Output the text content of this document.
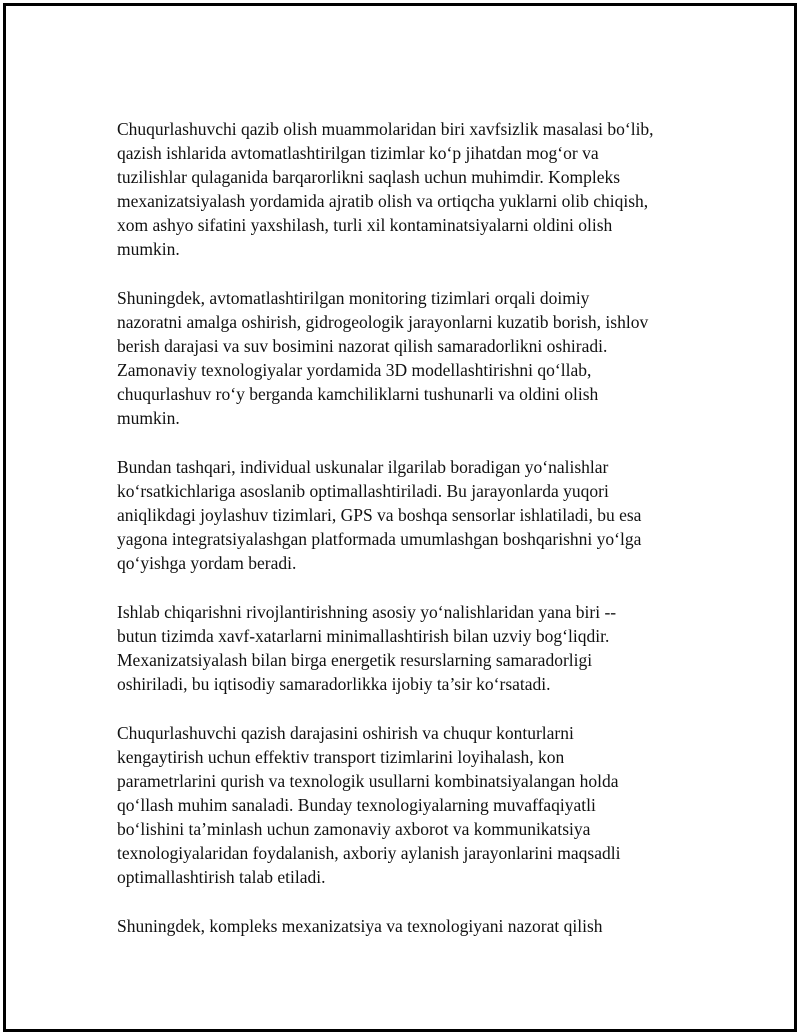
Chuqurlashuvchi qazib olish muammolaridan biri xavfsizlik masalasi bo‘lib,
qazish ishlarida avtomatlashtirilgan tizimlar ko‘p jihatdan mog‘or va
tuzilishlar qulaganida barqarorlikni saqlash uchun muhimdir. Kompleks
mexanizatsiyalash yordamida ajratib olish va ortiqcha yuklarni olib chiqish,
xom ashyo sifatini yaxshilash, turli xil kontaminatsiyalarni oldini olish
mumkin.

Shuningdek, avtomatlashtirilgan monitoring tizimlari orqali doimiy
nazoratni amalga oshirish, gidrogeologik jarayonlarni kuzatib borish, ishlov
berish darajasi va suv bosimini nazorat qilish samaradorlikni oshiradi.
Zamonaviy texnologiyalar yordamida 3D modellashtirishni qo‘llab,
chuqurlashuv ro‘y berganda kamchiliklarni tushunarli va oldini olish
mumkin.

Bundan tashqari, individual uskunalar ilgarilab boradigan yo‘nalishlar
ko‘rsatkichlariga asoslanib optimallashtiriladi. Bu jarayonlarda yuqori
aniqlikdagi joylashuv tizimlari, GPS va boshqa sensorlar ishlatiladi, bu esa
yagona integratsiyalashgan platformada umumlashgan boshqarishni yo‘lga
qo‘yishga yordam beradi.

Ishlab chiqarishni rivojlantirishning asosiy yo‘nalishlaridan yana biri --
butun tizimda xavf-xatarlarni minimallashtirish bilan uzviy bog‘liqdir.
Mexanizatsiyalash bilan birga energetik resurslarning samaradorligi
oshiriladi, bu iqtisodiy samaradorlikka ijobiy ta’sir ko‘rsatadi.

Chuqurlashuvchi qazish darajasini oshirish va chuqur konturlarni
kengaytirish uchun effektiv transport tizimlarini loyihalash, kon
parametrlarini qurish va texnologik usullarni kombinatsiyalangan holda
qo‘llash muhim sanaladi. Bunday texnologiyalarning muvaffaqiyatli
bo‘lishini ta’minlash uchun zamonaviy axborot va kommunikatsiya
texnologiyalaridan foydalanish, axboriy aylanish jarayonlarini maqsadli
optimallashtirish talab etiladi.

Shuningdek, kompleks mexanizatsiya va texnologiyani nazorat qilish
